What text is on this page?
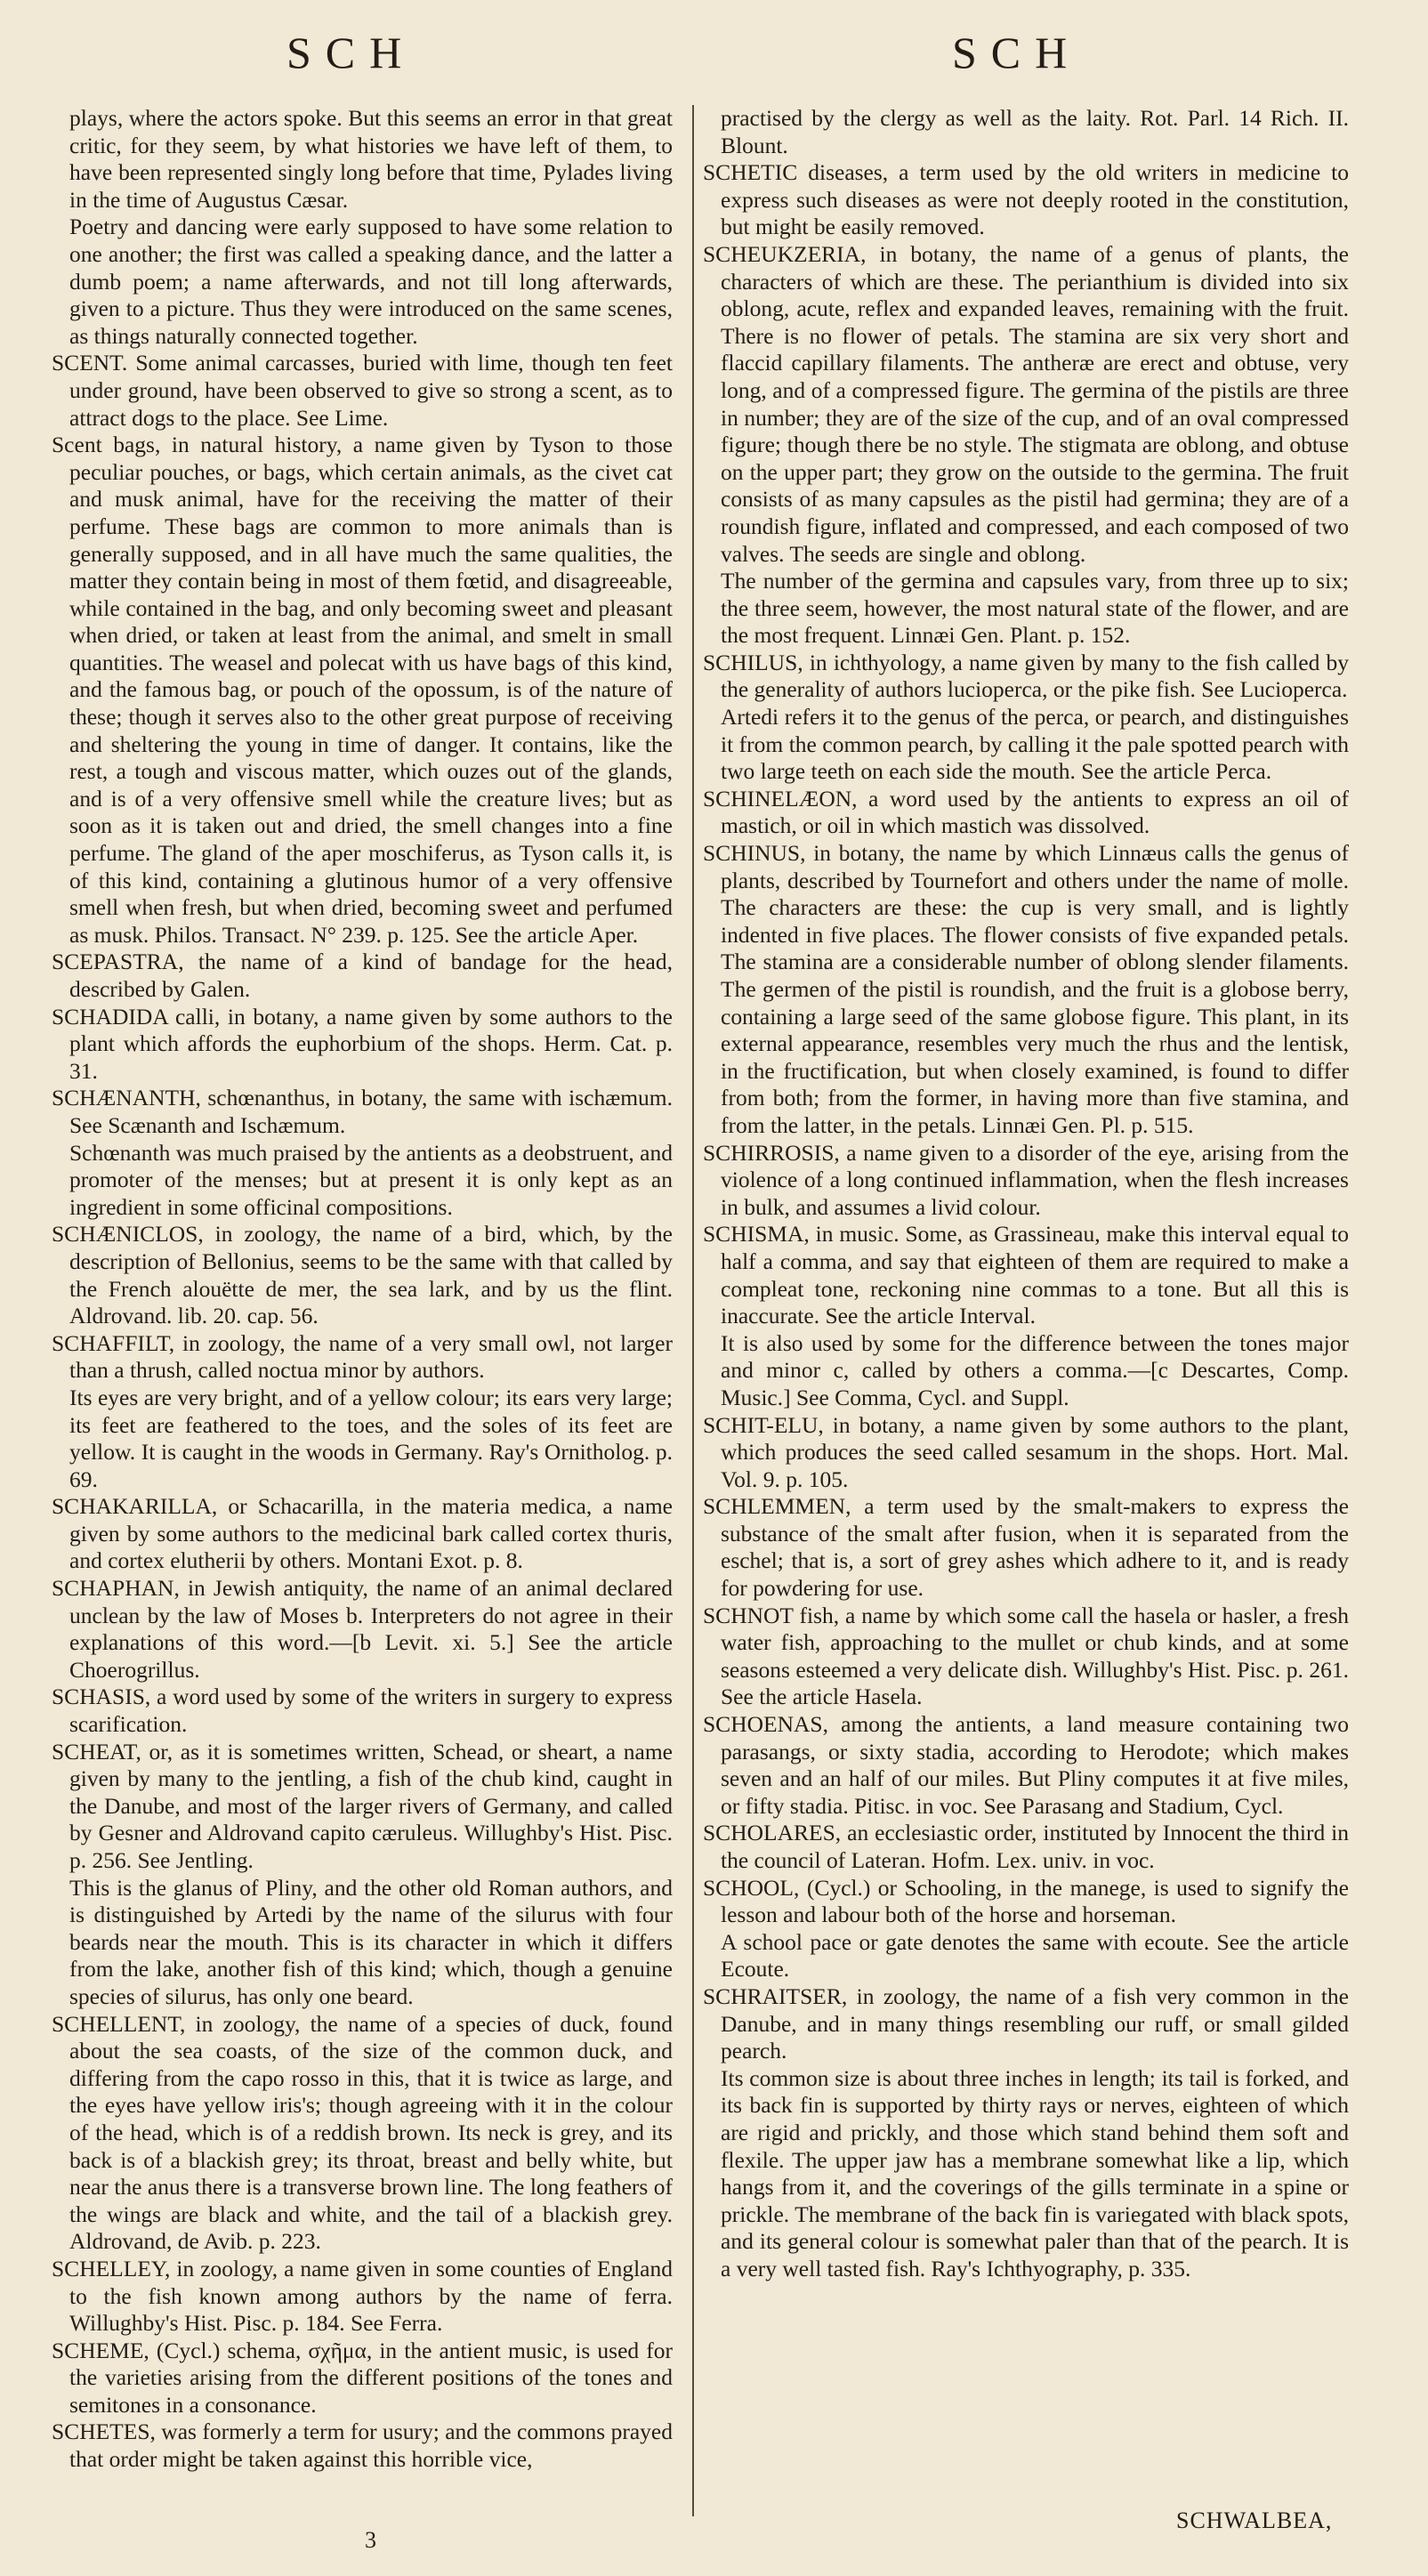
SCH	SCH

plays, where the actors spoke. But this seems an error in that great critic, for they seem, by what histories we have left of them, to have been represented singly long before that time, Pylades living in the time of Augustus Cæsar.

Poetry and dancing were early supposed to have some relation to one another; the first was called a speaking dance, and the latter a dumb poem; a name afterwards, and not till long afterwards, given to a picture. Thus they were introduced on the same scenes, as things naturally connected together.

SCENT. Some animal carcasses, buried with lime, though ten feet under ground, have been observed to give so strong a scent, as to attract dogs to the place. See Lime.

Scent bags, in natural history, a name given by Tyson to those peculiar pouches, or bags, which certain animals, as the civet cat and musk animal, have for the receiving the matter of their perfume. These bags are common to more animals than is generally supposed, and in all have much the same qualities, the matter they contain being in most of them fœtid, and disagreeable, while contained in the bag, and only becoming sweet and pleasant when dried, or taken at least from the animal, and smelt in small quantities. The weasel and polecat with us have bags of this kind, and the famous bag, or pouch of the opossum, is of the nature of these; though it serves also to the other great purpose of receiving and sheltering the young in time of danger. It contains, like the rest, a tough and viscous matter, which ouzes out of the glands, and is of a very offensive smell while the creature lives; but as soon as it is taken out and dried, the smell changes into a fine perfume. The gland of the aper moschiferus, as Tyson calls it, is of this kind, containing a glutinous humor of a very offensive smell when fresh, but when dried, becoming sweet and perfumed as musk. Philos. Transact. N° 239. p. 125. See the article Aper.

SCEPASTRA, the name of a kind of bandage for the head, described by Galen.

SCHADIDA calli, in botany, a name given by some authors to the plant which affords the euphorbium of the shops. Herm. Cat. p. 31.

SCHÆNANTH, schœnanthus, in botany, the same with ischæmum. See Scænanth and Ischæmum.

Schœnanth was much praised by the antients as a deobstruent, and promoter of the menses; but at present it is only kept as an ingredient in some officinal compositions.

SCHÆNICLOS, in zoology, the name of a bird, which, by the description of Bellonius, seems to be the same with that called by the French alouëtte de mer, the sea lark, and by us the flint. Aldrovand. lib. 20. cap. 56.

SCHAFFILT, in zoology, the name of a very small owl, not larger than a thrush, called noctua minor by authors.

Its eyes are very bright, and of a yellow colour; its ears very large; its feet are feathered to the toes, and the soles of its feet are yellow. It is caught in the woods in Germany. Ray's Ornitholog. p. 69.

SCHAKARILLA, or Schacarilla, in the materia medica, a name given by some authors to the medicinal bark called cortex thuris, and cortex elutherii by others. Montani Exot. p. 8.

SCHAPHAN, in Jewish antiquity, the name of an animal declared unclean by the law of Moses b. Interpreters do not agree in their explanations of this word.—[b Levit. xi. 5.] See the article Choerogrillus.

SCHASIS, a word used by some of the writers in surgery to express scarification.

SCHEAT, or, as it is sometimes written, Schead, or sheart, a name given by many to the jentling, a fish of the chub kind, caught in the Danube, and most of the larger rivers of Germany, and called by Gesner and Aldrovand capito cæruleus. Willughby's Hist. Pisc. p. 256. See Jentling.

This is the glanus of Pliny, and the other old Roman authors, and is distinguished by Artedi by the name of the silurus with four beards near the mouth. This is its character in which it differs from the lake, another fish of this kind; which, though a genuine species of silurus, has only one beard.

SCHELLENT, in zoology, the name of a species of duck, found about the sea coasts, of the size of the common duck, and differing from the capo rosso in this, that it is twice as large, and the eyes have yellow iris's; though agreeing with it in the colour of the head, which is of a reddish brown. Its neck is grey, and its back is of a blackish grey; its throat, breast and belly white, but near the anus there is a transverse brown line. The long feathers of the wings are black and white, and the tail of a blackish grey. Aldrovand, de Avib. p. 223.

SCHELLEY, in zoology, a name given in some counties of England to the fish known among authors by the name of ferra. Willughby's Hist. Pisc. p. 184. See Ferra.

SCHEME, (Cycl.) schema, σχῆμα, in the antient music, is used for the varieties arising from the different positions of the tones and semitones in a consonance.

SCHETES, was formerly a term for usury; and the commons prayed that order might be taken against this horrible vice,

practised by the clergy as well as the laity. Rot. Parl. 14 Rich. II. Blount.

SCHETIC diseases, a term used by the old writers in medicine to express such diseases as were not deeply rooted in the constitution, but might be easily removed.

SCHEUKZERIA, in botany, the name of a genus of plants, the characters of which are these. The perianthium is divided into six oblong, acute, reflex and expanded leaves, remaining with the fruit. There is no flower of petals. The stamina are six very short and flaccid capillary filaments. The antheræ are erect and obtuse, very long, and of a compressed figure. The germina of the pistils are three in number; they are of the size of the cup, and of an oval compressed figure; though there be no style. The stigmata are oblong, and obtuse on the upper part; they grow on the outside to the germina. The fruit consists of as many capsules as the pistil had germina; they are of a roundish figure, inflated and compressed, and each composed of two valves. The seeds are single and oblong.

The number of the germina and capsules vary, from three up to six; the three seem, however, the most natural state of the flower, and are the most frequent. Linnæi Gen. Plant. p. 152.

SCHILUS, in ichthyology, a name given by many to the fish called by the generality of authors lucioperca, or the pike fish. See Lucioperca.

Artedi refers it to the genus of the perca, or pearch, and distinguishes it from the common pearch, by calling it the pale spotted pearch with two large teeth on each side the mouth. See the article Perca.

SCHINELÆON, a word used by the antients to express an oil of mastich, or oil in which mastich was dissolved.

SCHINUS, in botany, the name by which Linnæus calls the genus of plants, described by Tournefort and others under the name of molle. The characters are these: the cup is very small, and is lightly indented in five places. The flower consists of five expanded petals. The stamina are a considerable number of oblong slender filaments. The germen of the pistil is roundish, and the fruit is a globose berry, containing a large seed of the same globose figure. This plant, in its external appearance, resembles very much the rhus and the lentisk, in the fructification, but when closely examined, is found to differ from both; from the former, in having more than five stamina, and from the latter, in the petals. Linnæi Gen. Pl. p. 515.

SCHIRROSIS, a name given to a disorder of the eye, arising from the violence of a long continued inflammation, when the flesh increases in bulk, and assumes a livid colour.

SCHISMA, in music. Some, as Grassineau, make this interval equal to half a comma, and say that eighteen of them are required to make a compleat tone, reckoning nine commas to a tone. But all this is inaccurate. See the article Interval.

It is also used by some for the difference between the tones major and minor c, called by others a comma.—[c Descartes, Comp. Music.] See Comma, Cycl. and Suppl.

SCHIT-ELU, in botany, a name given by some authors to the plant, which produces the seed called sesamum in the shops. Hort. Mal. Vol. 9. p. 105.

SCHLEMMEN, a term used by the smalt-makers to express the substance of the smalt after fusion, when it is separated from the eschel; that is, a sort of grey ashes which adhere to it, and is ready for powdering for use.

SCHNOT fish, a name by which some call the hasela or hasler, a fresh water fish, approaching to the mullet or chub kinds, and at some seasons esteemed a very delicate dish. Willughby's Hist. Pisc. p. 261. See the article Hasela.

SCHOENAS, among the antients, a land measure containing two parasangs, or sixty stadia, according to Herodote; which makes seven and an half of our miles. But Pliny computes it at five miles, or fifty stadia. Pitisc. in voc. See Parasang and Stadium, Cycl.

SCHOLARES, an ecclesiastic order, instituted by Innocent the third in the council of Lateran. Hofm. Lex. univ. in voc.

SCHOOL, (Cycl.) or Schooling, in the manege, is used to signify the lesson and labour both of the horse and horseman.

A school pace or gate denotes the same with ecoute. See the article Ecoute.

SCHRAITSER, in zoology, the name of a fish very common in the Danube, and in many things resembling our ruff, or small gilded pearch.

Its common size is about three inches in length; its tail is forked, and its back fin is supported by thirty rays or nerves, eighteen of which are rigid and prickly, and those which stand behind them soft and flexile. The upper jaw has a membrane somewhat like a lip, which hangs from it, and the coverings of the gills terminate in a spine or prickle. The membrane of the back fin is variegated with black spots, and its general colour is somewhat paler than that of the pearch. It is a very well tasted fish. Ray's Ichthyography, p. 335.

3
SCHWALBEA,
